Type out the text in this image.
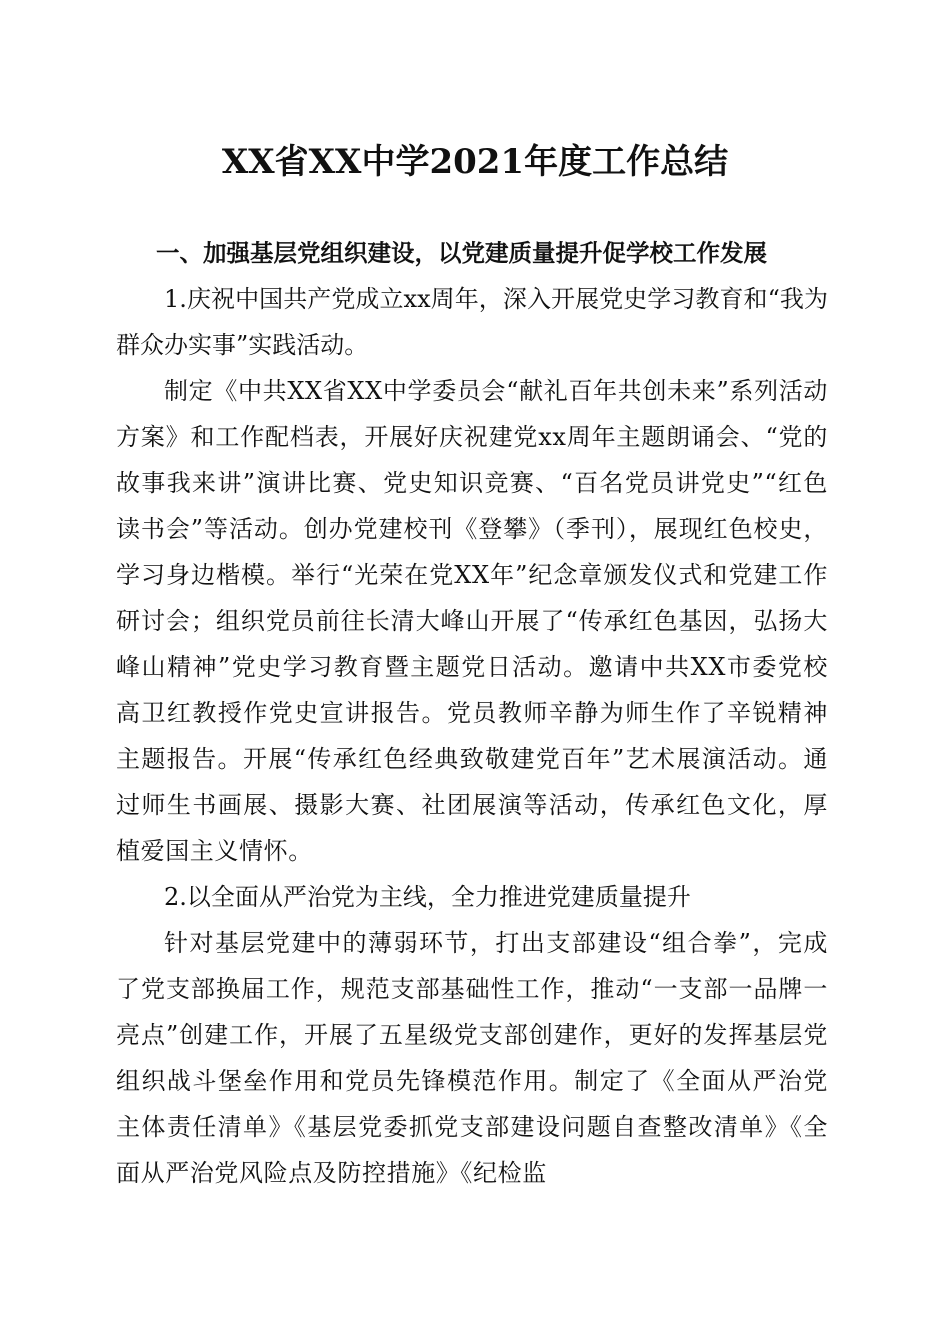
XX省XX中学2021年度工作总结

一、加强基层党组织建设，以党建质量提升促学校工作发展

1.庆祝中国共产党成立xx周年，深入开展党史学习教育和“我为群众办实事”实践活动。

制定《中共XX省XX中学委员会“献礼百年共创未来”系列活动方案》和工作配档表，开展好庆祝建党xx周年主题朗诵会、“党的故事我来讲”演讲比赛、党史知识竞赛、“百名党员讲党史”“红色读书会”等活动。创办党建校刊《登攀》（季刊），展现红色校史，学习身边楷模。举行“光荣在党XX年”纪念章颁发仪式和党建工作研讨会；组织党员前往长清大峰山开展了“传承红色基因，弘扬大峰山精神”党史学习教育暨主题党日活动。邀请中共XX市委党校高卫红教授作党史宣讲报告。党员教师辛静为师生作了辛锐精神主题报告。开展“传承红色经典致敬建党百年”艺术展演活动。通过师生书画展、摄影大赛、社团展演等活动，传承红色文化，厚植爱国主义情怀。

2.以全面从严治党为主线，全力推进党建质量提升

针对基层党建中的薄弱环节，打出支部建设“组合拳”，完成了党支部换届工作，规范支部基础性工作，推动“一支部一品牌一亮点”创建工作，开展了五星级党支部创建作，更好的发挥基层党组织战斗堡垒作用和党员先锋模范作用。制定了《全面从严治党主体责任清单》《基层党委抓党支部建设问题自查整改清单》《全面从严治党风险点及防控措施》《纪检监
